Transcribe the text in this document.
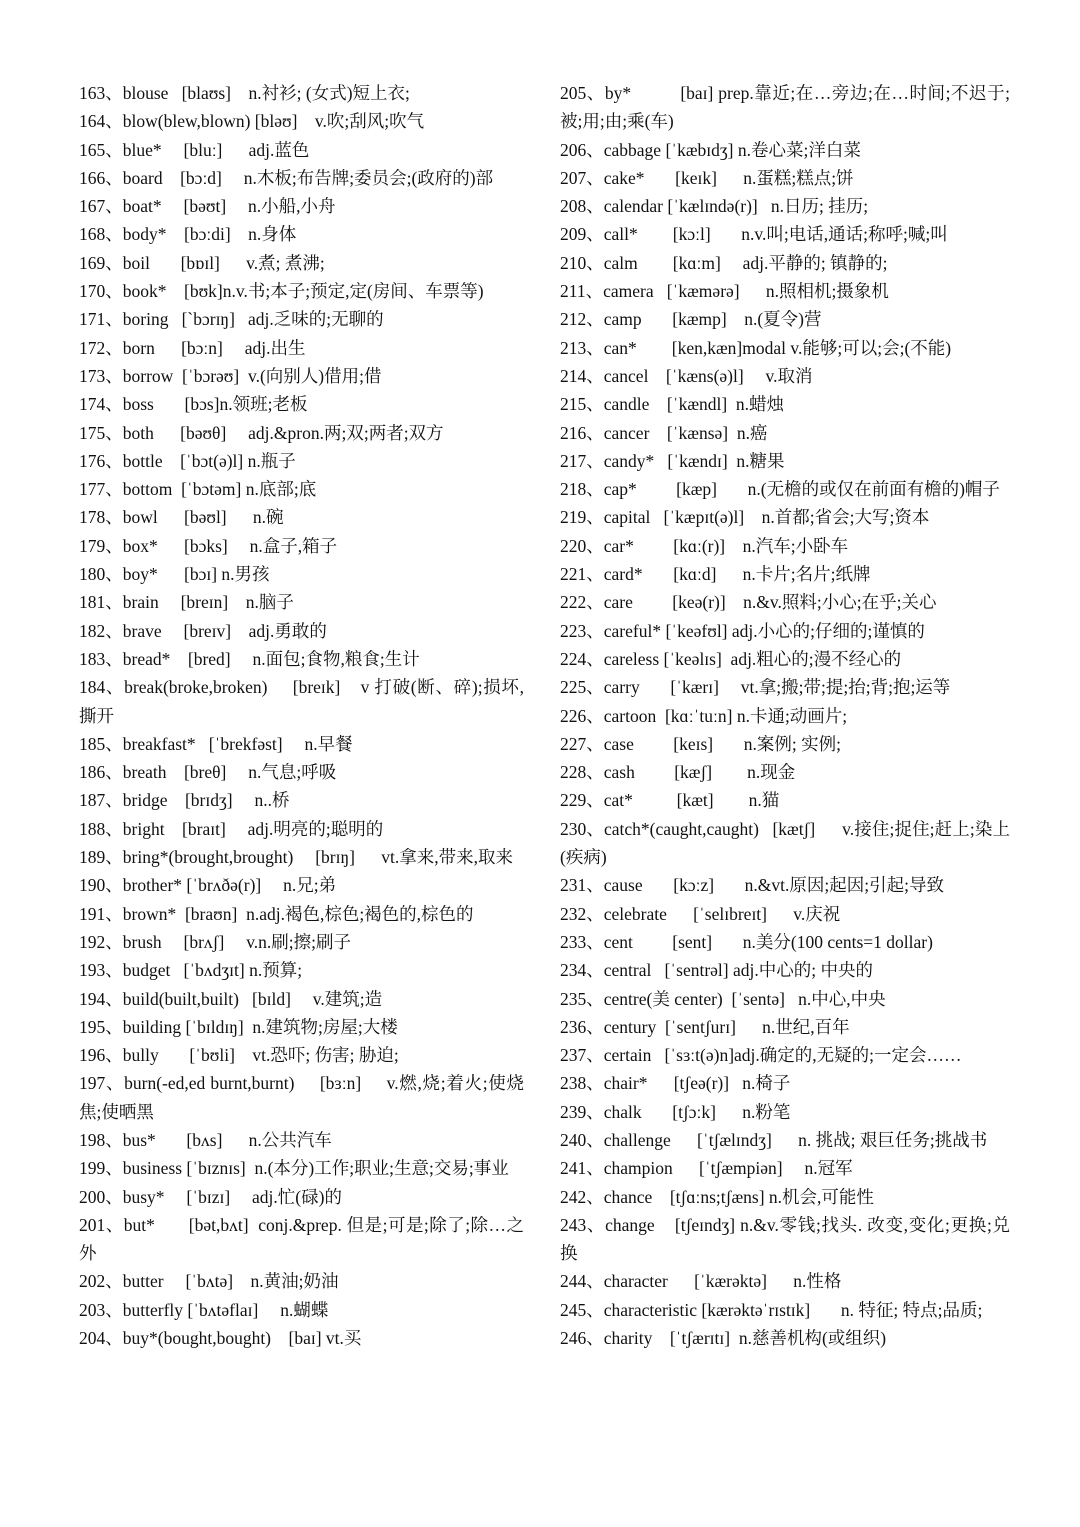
163、blouse   [blaʊs]    n.衬衫; (女式)短上衣;
164、blow(blew,blown) [bləʊ]    v.吹;刮风;吹气
165、blue*     [bluː]      adj.蓝色
166、board    [bɔːd]     n.木板;布告牌;委员会;(政府的)部
167、boat*     [bəʊt]     n.小船,小舟
168、body*    [bɔːdi]    n.身体
169、boil       [bɒɪl]      v.煮; 煮沸;
170、book*    [bʊk]n.v.书;本子;预定,定(房间、车票等)
171、boring   [ˋbɔrɪŋ]   adj.乏味的;无聊的
172、born      [bɔːn]     adj.出生
173、borrow  [ˈbɔrəʊ]  v.(向别人)借用;借
174、boss       [bɔs]n.领班;老板
175、both      [bəʊθ]     adj.&pron.两;双;两者;双方
176、bottle    [ˈbɔt(ə)l] n.瓶子
177、bottom  [ˈbɔtəm] n.底部;底
178、bowl      [bəʊl]      n.碗
179、box*      [bɔks]     n.盒子,箱子
180、boy*      [bɔɪ] n.男孩
181、brain     [breɪn]    n.脑子
182、brave     [breɪv]    adj.勇敢的
183、bread*    [bred]     n.面包;食物,粮食;生计
184、break(broke,broken)     [breɪk]    v 打破(断、碎);损坏,撕开
185、breakfast*   [ˈbrekfəst]     n.早餐
186、breath    [breθ]     n.气息;呼吸
187、bridge    [brɪdʒ]     n..桥
188、bright    [braɪt]     adj.明亮的;聪明的
189、bring*(brought,brought)     [brɪŋ]      vt.拿来,带来,取来
190、brother* [ˈbrʌðə(r)]     n.兄;弟
191、brown*  [braʊn]  n.adj.褐色,棕色;褐色的,棕色的
192、brush     [brʌʃ]     v.n.刷;擦;刷子
193、budget   [ˈbʌdʒɪt] n.预算;
194、build(built,built)   [bɪld]     v.建筑;造
195、building [ˈbɪldɪŋ]  n.建筑物;房屋;大楼
196、bully       [ˈbʊli]    vt.恐吓; 伤害; 胁迫;
197、burn(-ed,ed burnt,burnt)     [bɜːn]     v.燃,烧;着火;使烧焦;使晒黑
198、bus*       [bʌs]      n.公共汽车
199、business [ˈbɪznɪs]  n.(本分)工作;职业;生意;交易;事业
200、busy*     [ˈbɪzɪ]     adj.忙(碌)的
201、but*       [bət,bʌt]  conj.&prep. 但是;可是;除了;除…之外
202、butter     [ˈbʌtə]    n.黄油;奶油
203、butterfly [ˈbʌtəflaɪ]     n.蝴蝶
204、buy*(bought,bought)    [baɪ] vt.买
205、by*          [baɪ] prep.靠近;在…旁边;在…时间;不迟于;被;用;由;乘(车)
206、cabbage [ˈkæbɪdʒ] n.卷心菜;洋白菜
207、cake*       [keɪk]      n.蛋糕;糕点;饼
208、calendar [ˈkælɪndə(r)]   n.日历; 挂历;
209、call*        [kɔːl]       n.v.叫;电话,通话;称呼;喊;叫
210、calm        [kɑːm]     adj.平静的; 镇静的;
211、camera   [ˈkæmərə]      n.照相机;摄象机
212、camp       [kæmp]    n.(夏令)营
213、can*        [ken,kæn]modal v.能够;可以;会;(不能)
214、cancel    [ˈkæns(ə)l]     v.取消
215、candle    [ˈkændl]  n.蜡烛
216、cancer    [ˈkænsə]  n.癌
217、candy*   [ˈkændɪ]  n.糖果
218、cap*         [kæp]       n.(无檐的或仅在前面有檐的)帽子
219、capital   [ˈkæpɪt(ə)l]    n.首都;省会;大写;资本
220、car*         [kɑː(r)]    n.汽车;小卧车
221、card*       [kɑːd]      n.卡片;名片;纸牌
222、care         [keə(r)]    n.&v.照料;小心;在乎;关心
223、careful* [ˈkeəfʊl] adj.小心的;仔细的;谨慎的
224、careless [ˈkeəlɪs]  adj.粗心的;漫不经心的
225、carry       [ˈkærɪ]     vt.拿;搬;带;提;抬;背;抱;运等
226、cartoon  [kɑːˈtuːn] n.卡通;动画片;
227、case         [keɪs]       n.案例; 实例;
228、cash         [kæʃ]        n.现金
229、cat*          [kæt]        n.猫
230、catch*(caught,caught)   [kætʃ]      v.接住;捉住;赶上;染上(疾病)
231、cause       [kɔːz]       n.&vt.原因;起因;引起;导致
232、celebrate      [ˈselɪbreɪt]      v.庆祝
233、cent         [sent]       n.美分(100 cents=1 dollar)
234、central   [ˈsentrəl] adj.中心的; 中央的
235、centre(美 center)  [ˈsentə]   n.中心,中央
236、century  [ˈsentʃurɪ]      n.世纪,百年
237、certain   [ˈsɜːt(ə)n]adj.确定的,无疑的;一定会……
238、chair*      [tʃeə(r)]   n.椅子
239、chalk       [tʃɔːk]      n.粉笔
240、challenge      [ˈtʃælɪndʒ]      n. 挑战; 艰巨任务;挑战书
241、champion      [ˈtʃæmpiən]     n.冠军
242、chance    [tʃɑːns;tʃæns] n.机会,可能性
243、change    [tʃeɪndʒ] n.&v.零钱;找头. 改变,变化;更换;兑换
244、character      [ˈkærəktə]      n.性格
245、characteristic [kærəktəˈrɪstɪk]       n. 特征; 特点;品质;
246、charity    [ˈtʃærɪtɪ]  n.慈善机构(或组织)
